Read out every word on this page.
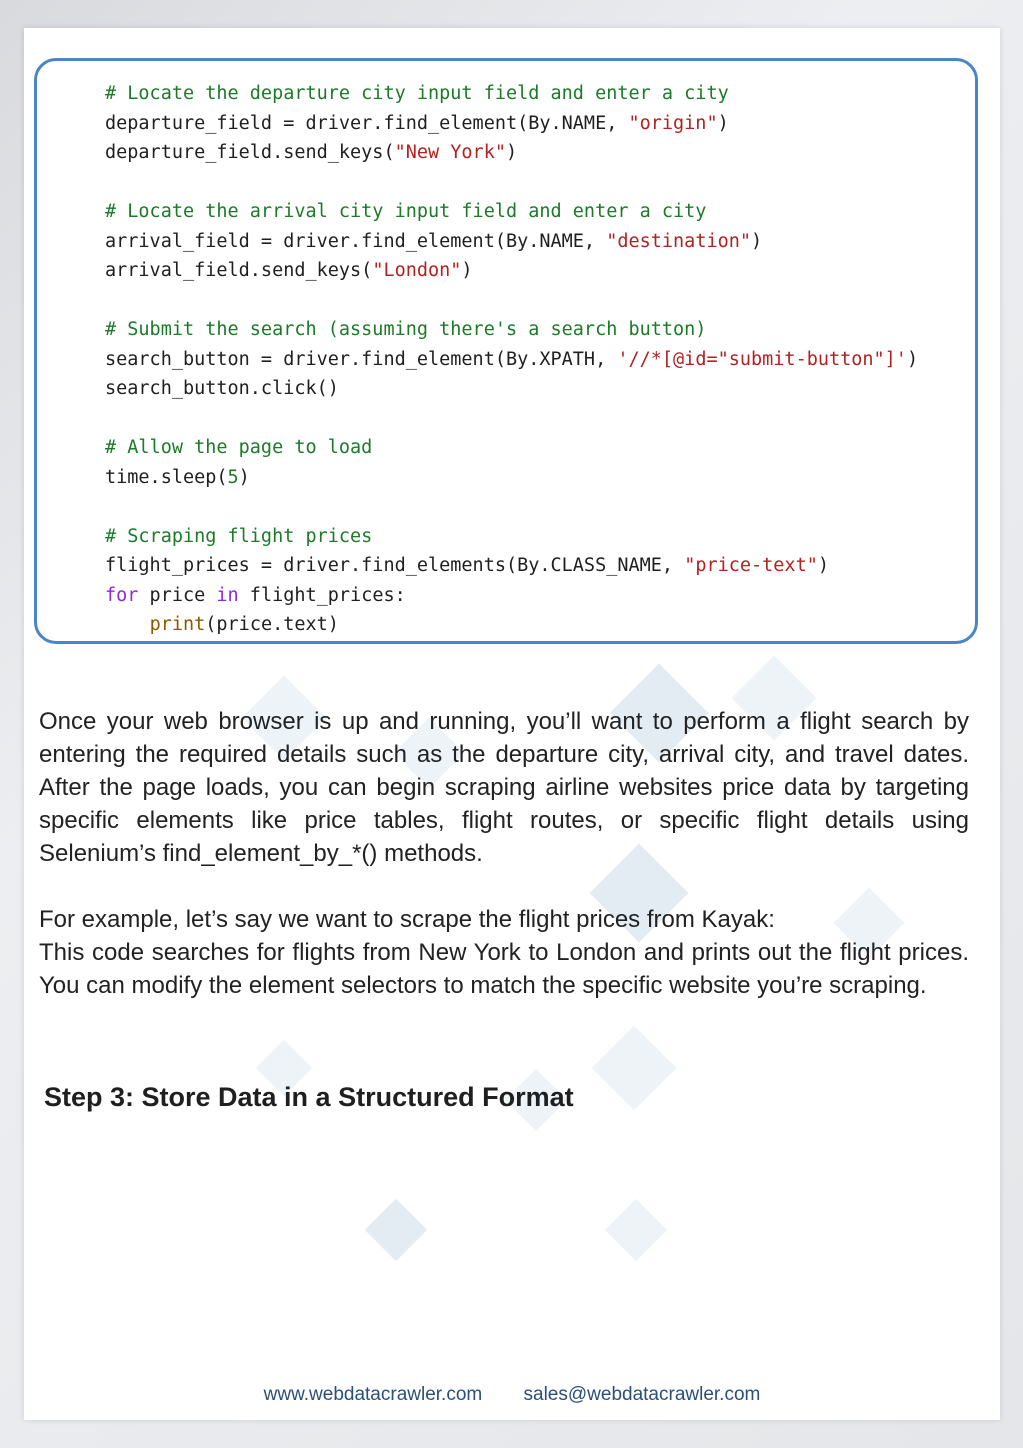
# Locate the departure city input field and enter a city
departure_field = driver.find_element(By.NAME, "origin")
departure_field.send_keys("New York")

# Locate the arrival city input field and enter a city
arrival_field = driver.find_element(By.NAME, "destination")
arrival_field.send_keys("London")

# Submit the search (assuming there's a search button)
search_button = driver.find_element(By.XPATH, '//*[@id="submit-button"]')
search_button.click()

# Allow the page to load
time.sleep(5)

# Scraping flight prices
flight_prices = driver.find_elements(By.CLASS_NAME, "price-text")
for price in flight_prices:
print(price.text)

Once your web browser is up and running, you’ll want to perform a flight search by entering the required details such as the departure city, arrival city, and travel dates. After the page loads, you can begin scraping airline websites price data by targeting specific elements like price tables, flight routes, or specific flight details using Selenium’s find_element_by_*() methods.

For example, let’s say we want to scrape the flight prices from Kayak:

This code searches for flights from New York to London and prints out the flight prices. You can modify the element selectors to match the specific website you’re scraping.

Step 3: Store Data in a Structured Format
www.webdatacrawler.com sales@webdatacrawler.com
